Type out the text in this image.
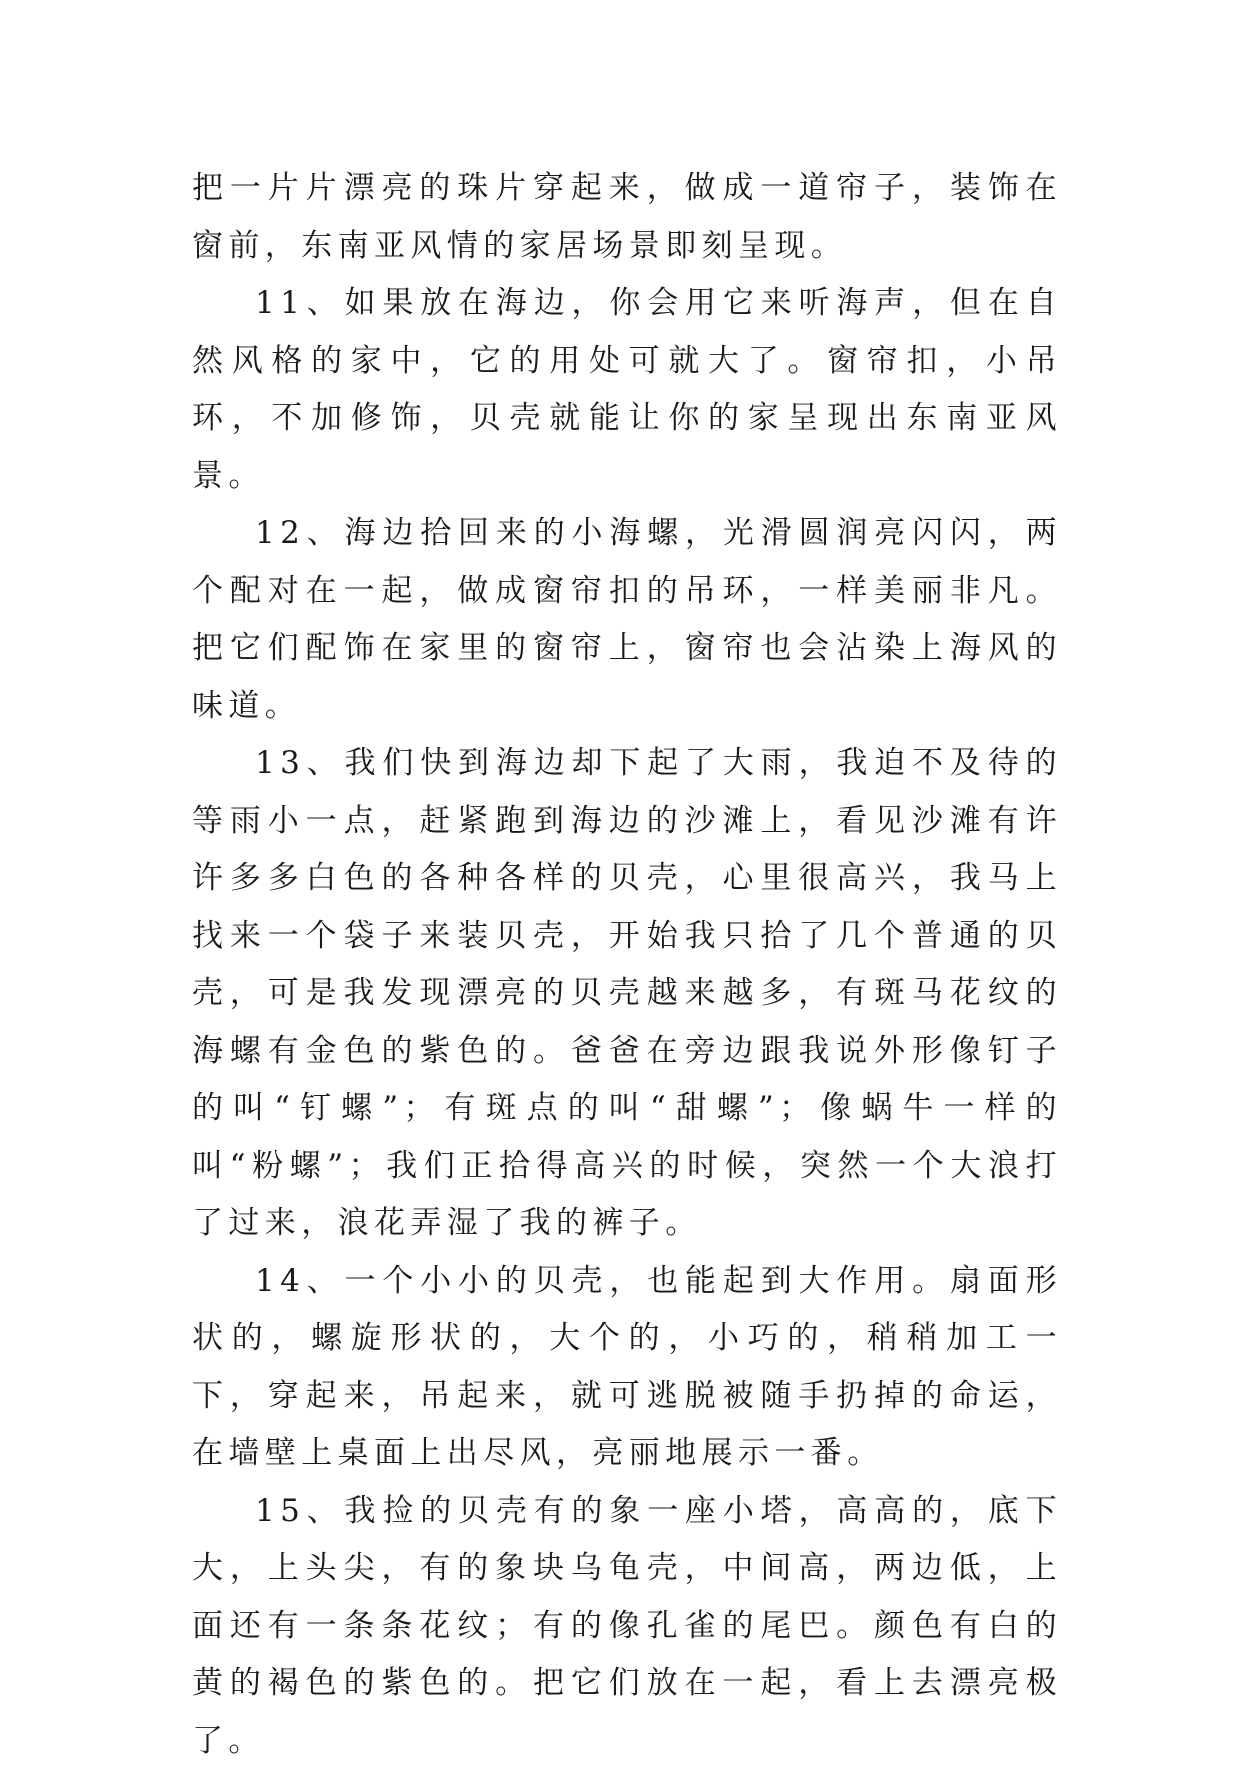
把一片片漂亮的珠片穿起来，做成一道帘子，装饰在窗前，东南亚风情的家居场景即刻呈现。

11、如果放在海边，你会用它来听海声，但在自然风格的家中，它的用处可就大了。窗帘扣，小吊环，不加修饰，贝壳就能让你的家呈现出东南亚风景。

12、海边拾回来的小海螺，光滑圆润亮闪闪，两个配对在一起，做成窗帘扣的吊环，一样美丽非凡。把它们配饰在家里的窗帘上，窗帘也会沾染上海风的味道。

13、我们快到海边却下起了大雨，我迫不及待的等雨小一点，赶紧跑到海边的沙滩上，看见沙滩有许许多多白色的各种各样的贝壳，心里很高兴，我马上找来一个袋子来装贝壳，开始我只拾了几个普通的贝壳，可是我发现漂亮的贝壳越来越多，有斑马花纹的海螺有金色的紫色的。爸爸在旁边跟我说外形像钉子的叫“钉螺”；有斑点的叫“甜螺”；像蜗牛一样的叫“粉螺”；我们正拾得高兴的时候，突然一个大浪打了过来，浪花弄湿了我的裤子。

14、一个小小的贝壳，也能起到大作用。扇面形状的，螺旋形状的，大个的，小巧的，稍稍加工一下，穿起来，吊起来，就可逃脱被随手扔掉的命运，在墙壁上桌面上出尽风，亮丽地展示一番。

15、我捡的贝壳有的象一座小塔，高高的，底下大，上头尖，有的象块乌龟壳，中间高，两边低，上面还有一条条花纹；有的像孔雀的尾巴。颜色有白的黄的褐色的紫色的。把它们放在一起，看上去漂亮极了。
